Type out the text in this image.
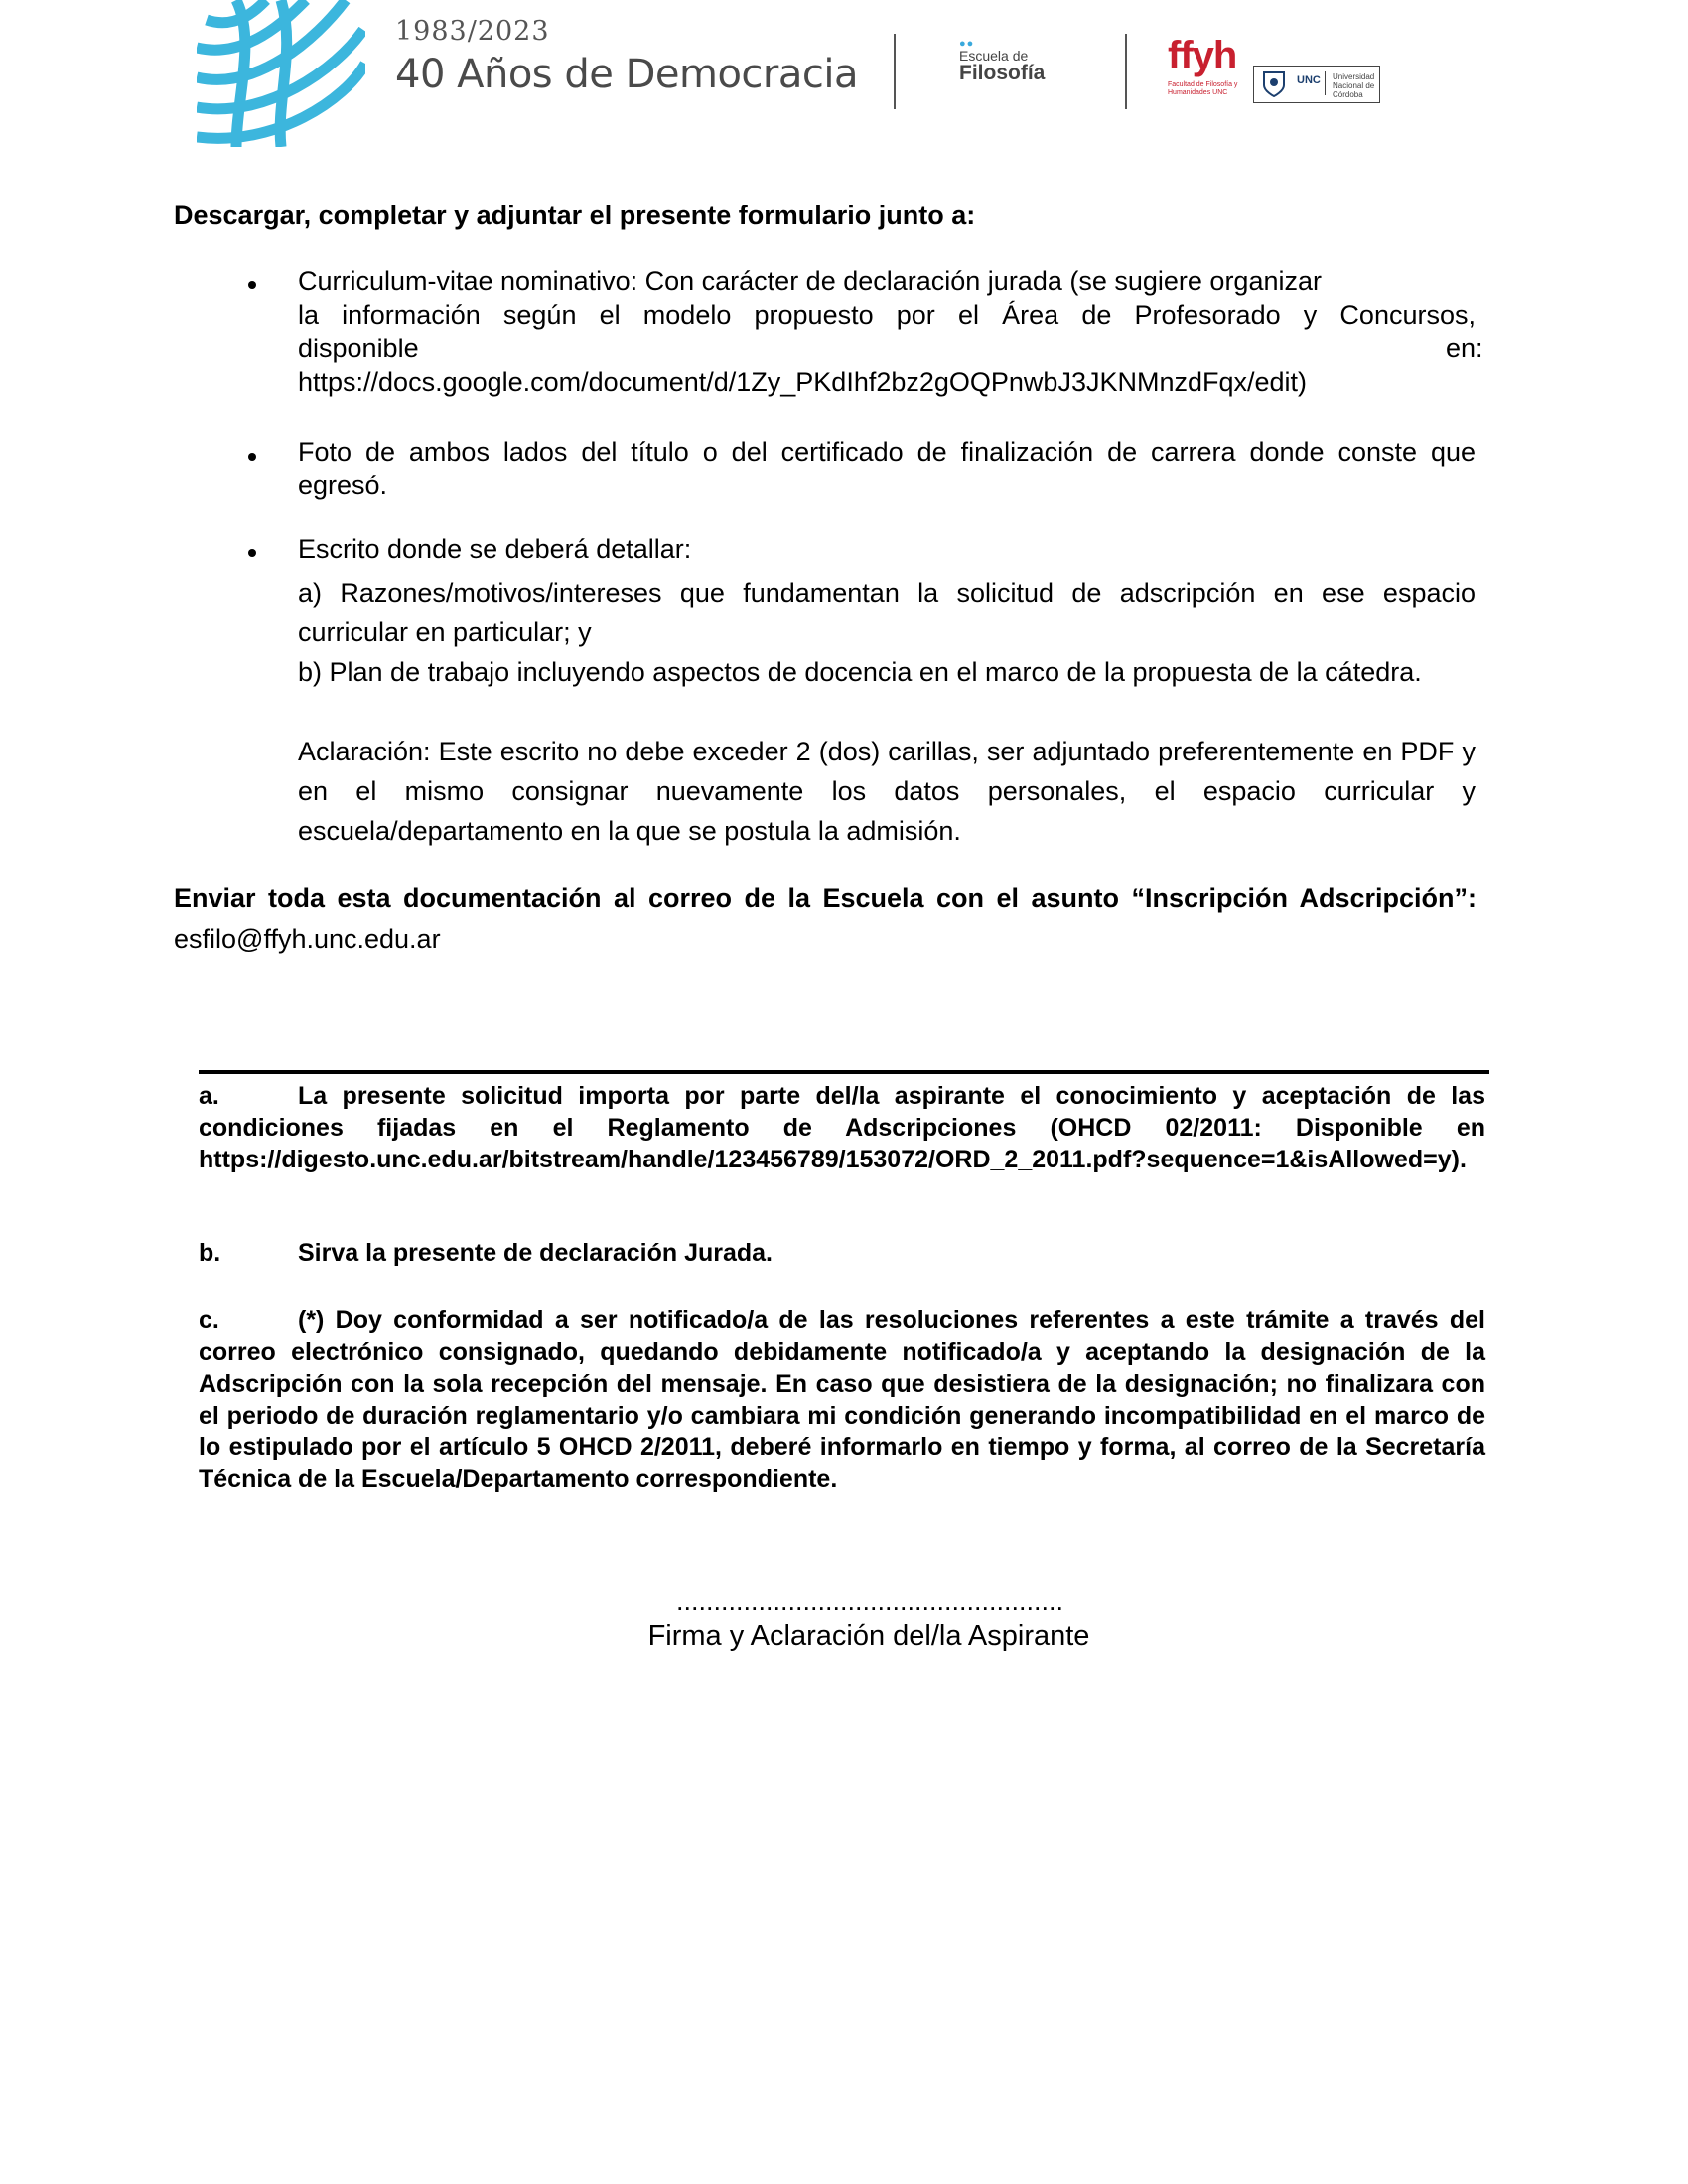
1983/2023
40 Años de Democracia
●●
Escuela de
Filosofía	ffyh
Facultad de Filosofía y Humanidades UNC
UNC Universidad Nacional de Córdoba
Descargar, completar y adjuntar el presente formulario junto a:
Curriculum-vitae nominativo: Con carácter de declaración jurada (se sugiere organizar
la información según el modelo propuesto por el Área de Profesorado y Concursos,
disponible	en:
https://docs.google.com/document/d/1Zy_PKdIhf2bz2gOQPnwbJ3JKNMnzdFqx/edit)
Foto de ambos lados del título o del certificado de finalización de carrera donde conste que egresó.
Escrito donde se deberá detallar:
a) Razones/motivos/intereses que fundamentan la solicitud de adscripción en ese espacio curricular en particular; y
b) Plan de trabajo incluyendo aspectos de docencia en el marco de la propuesta de la cátedra.
Aclaración: Este escrito no debe exceder 2 (dos) carillas, ser adjuntado preferentemente en PDF y en el mismo consignar nuevamente los datos personales, el espacio curricular y escuela/departamento en la que se postula la admisión.
Enviar toda esta documentación al correo de la Escuela con el asunto “Inscripción Adscripción”: esfilo@ffyh.unc.edu.ar
a.	La presente solicitud importa por parte del/la aspirante el conocimiento y aceptación de las condiciones fijadas en el Reglamento de Adscripciones (OHCD 02/2011: Disponible en https://digesto.unc.edu.ar/bitstream/handle/123456789/153072/ORD_2_2011.pdf?sequence=1&isAllowed=y).
b.	Sirva la presente de declaración Jurada.
c.	(*) Doy conformidad a ser notificado/a de las resoluciones referentes a este trámite a través del correo electrónico consignado, quedando debidamente notificado/a y aceptando la designación de la Adscripción con la sola recepción del mensaje. En caso que desistiera de la designación; no finalizara con el periodo de duración reglamentario y/o cambiara mi condición generando incompatibilidad en el marco de lo estipulado por el artículo 5 OHCD 2/2011, deberé informarlo en tiempo y forma, al correo de la Secretaría Técnica de la Escuela/Departamento correspondiente.
....................................................
Firma y Aclaración del/la Aspirante
